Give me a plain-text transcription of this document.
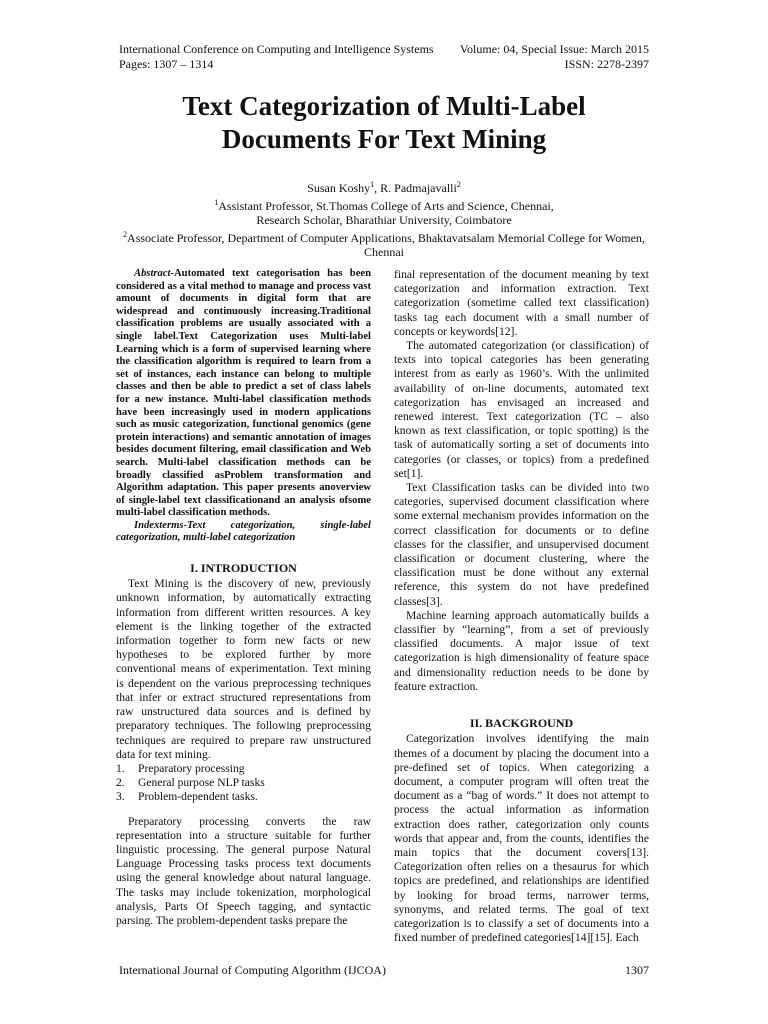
International Conference on Computing and Intelligence Systems Volume: 04, Special Issue: March 2015
Pages: 1307 – 1314	ISSN: 2278-2397
Text Categorization of Multi-Label
Documents For Text Mining
Susan Koshy$^1$, R. Padmajavalli$^2$
$^1$Assistant Professor, St.Thomas College of Arts and Science, Chennai,
Research Scholar, Bharathiar University, Coimbatore
$^2$Associate Professor, Department of Computer Applications, Bhaktavatsalam Memorial College for Women,
Chennai

Abstract-Automated text categorisation has been considered as a vital method to manage and process vast amount of documents in digital form that are widespread and continuously increasing.Traditional classification problems are usually associated with a single label.Text Categorization uses Multi-label Learning which is a form of supervised learning where the classification algorithm is required to learn from a set of instances, each instance can belong to multiple classes and then be able to predict a set of class labels for a new instance. Multi-label classification methods have been increasingly used in modern applications such as music categorization, functional genomics (gene protein interactions) and semantic annotation of images besides document filtering, email classification and Web search. Multi-label classification methods can be broadly classified asProblem transformation and Algorithm adaptation. This paper presents anoverview of single-label text classificationand an analysis ofsome multi-label classification methods.

Indexterms-Text categorization, single-label categorization, multi-label categorization

I. INTRODUCTION

Text Mining is the discovery of new, previously unknown information, by automatically extracting information from different written resources. A key element is the linking together of the extracted information together to form new facts or new hypotheses to be explored further by more conventional means of experimentation. Text mining is dependent on the various preprocessing techniques that infer or extract structured representations from raw unstructured data sources and is defined by preparatory techniques. The following preprocessing techniques are required to prepare raw unstructured data for text mining.

1.	Preparatory processing
2.	General purpose NLP tasks
3.	Problem-dependent tasks.

Preparatory processing converts the raw representation into a structure suitable for further linguistic processing. The general purpose Natural Language Processing tasks process text documents using the general knowledge about natural language. The tasks may include tokenization, morphological analysis, Parts Of Speech tagging, and syntactic parsing. The problem-dependent tasks prepare the

final representation of the document meaning by text categorization and information extraction. Text categorization (sometime called text classification) tasks tag each document with a small number of concepts or keywords[12].

The automated categorization (or classification) of texts into topical categories has been generating interest from as early as 1960’s. With the unlimited availability of on-line documents, automated text categorization has envisaged an increased and renewed interest. Text categorization (TC – also known as text classification, or topic spotting) is the task of automatically sorting a set of documents into categories (or classes, or topics) from a predefined set[1].

Text Classification tasks can be divided into two categories, supervised document classification where some external mechanism provides information on the correct classification for documents or to define classes for the classifier, and unsupervised document classification or document clustering, where the classification must be done without any external reference, this system do not have predefined classes[3].

Machine learning approach automatically builds a classifier by “learning”, from a set of previously classified documents. A major issue of text categorization is high dimensionality of feature space and dimensionality reduction needs to be done by feature extraction.

II. BACKGROUND

Categorization involves identifying the main themes of a document by placing the document into a pre-defined set of topics. When categorizing a document, a computer program will often treat the document as a “bag of words.” It does not attempt to process the actual information as information extraction does rather, categorization only counts words that appear and, from the counts, identifies the main topics that the document covers[13]. Categorization often relies on a thesaurus for which topics are predefined, and relationships are identified by looking for broad terms, narrower terms, synonyms, and related terms. The goal of text categorization is to classify a set of documents into a fixed number of predefined categories[14][15]. Each

International Journal of Computing Algorithm (IJCOA)	1307
